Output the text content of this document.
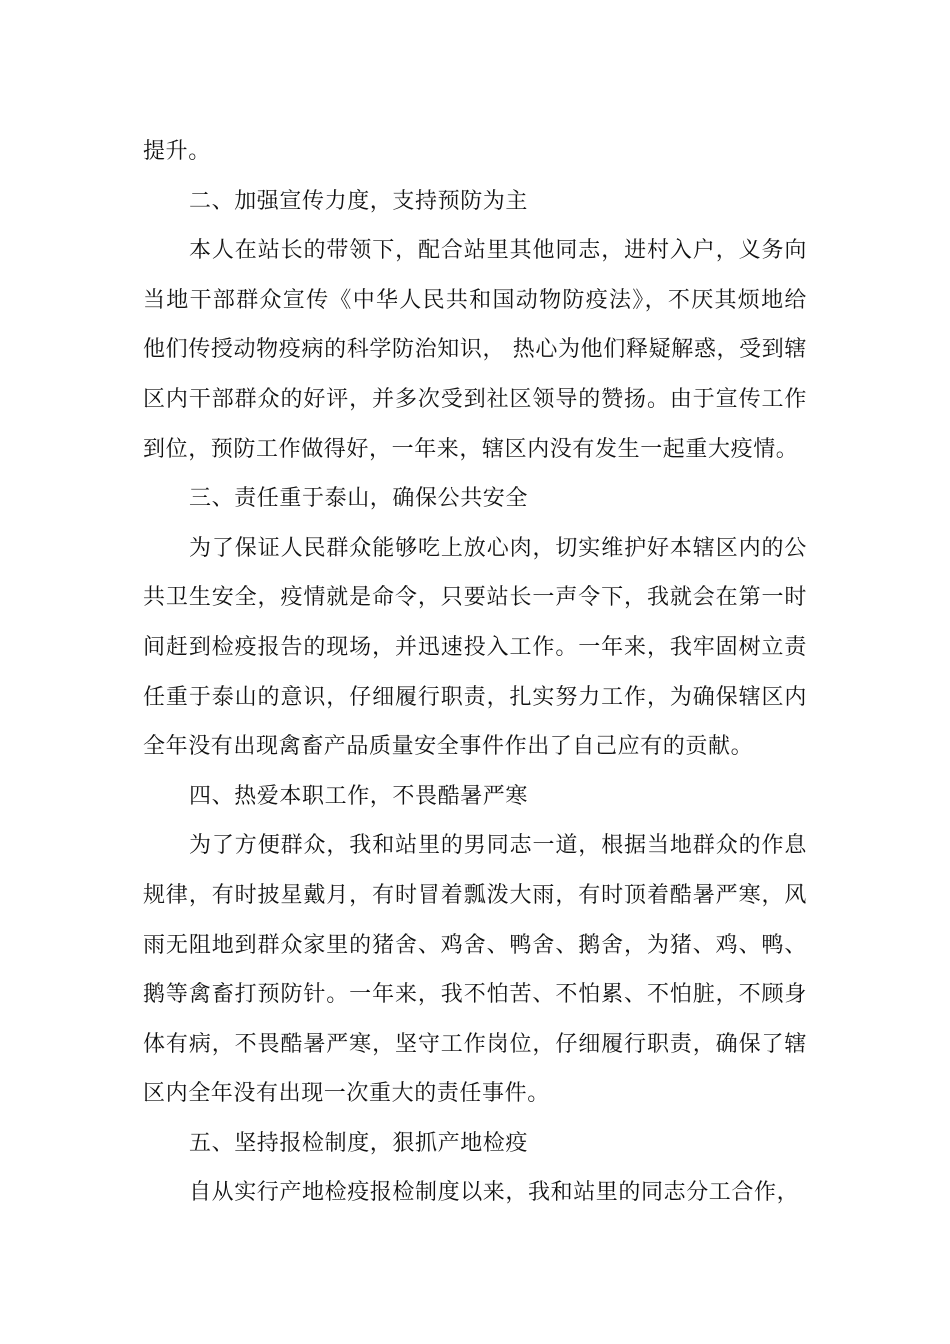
提升。

二、加强宣传力度，支持预防为主

本人在站长的带领下，配合站里其他同志，进村入户，义务向当地干部群众宣传《中华人民共和国动物防疫法》，不厌其烦地给他们传授动物疫病的科学防治知识， 热心为他们释疑解惑，受到辖区内干部群众的好评，并多次受到社区领导的赞扬。由于宣传工作到位，预防工作做得好，一年来，辖区内没有发生一起重大疫情。

三、责任重于泰山，确保公共安全

为了保证人民群众能够吃上放心肉，切实维护好本辖区内的公共卫生安全，疫情就是命令，只要站长一声令下，我就会在第一时间赶到检疫报告的现场，并迅速投入工作。一年来，我牢固树立责任重于泰山的意识，仔细履行职责，扎实努力工作，为确保辖区内全年没有出现禽畜产品质量安全事件作出了自己应有的贡献。

四、热爱本职工作，不畏酷暑严寒

为了方便群众，我和站里的男同志一道，根据当地群众的作息规律，有时披星戴月，有时冒着瓢泼大雨，有时顶着酷暑严寒，风雨无阻地到群众家里的猪舍、鸡舍、鸭舍、鹅舍，为猪、鸡、鸭、鹅等禽畜打预防针。一年来，我不怕苦、不怕累、不怕脏，不顾身体有病，不畏酷暑严寒，坚守工作岗位，仔细履行职责，确保了辖区内全年没有出现一次重大的责任事件。

五、坚持报检制度，狠抓产地检疫

自从实行产地检疫报检制度以来，我和站里的同志分工合作，
